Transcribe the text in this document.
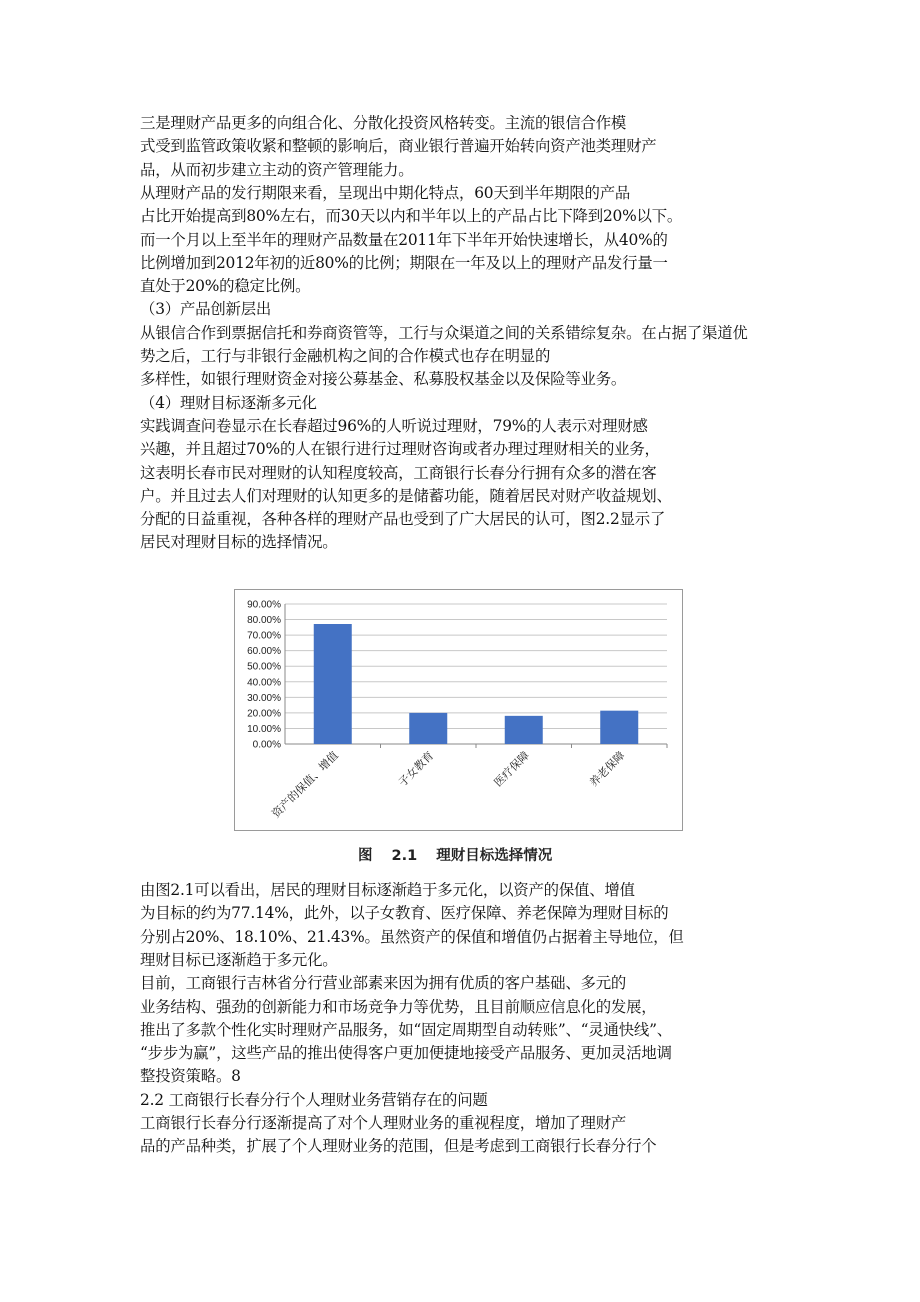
三是理财产品更多的向组合化、分散化投资风格转变。主流的银信合作模

式受到监管政策收紧和整顿的影响后，商业银行普遍开始转向资产池类理财产

品，从而初步建立主动的资产管理能力。

从理财产品的发行期限来看，呈现出中期化特点，60天到半年期限的产品

占比开始提高到80%左右，而30天以内和半年以上的产品占比下降到20%以下。

而一个月以上至半年的理财产品数量在2011年下半年开始快速增长，从40%的

比例增加到2012年初的近80%的比例；期限在一年及以上的理财产品发行量一

直处于20%的稳定比例。

（3）产品创新层出

从银信合作到票据信托和券商资管等，工行与众渠道之间的关系错综复杂。在占据了渠道优

势之后，工行与非银行金融机构之间的合作模式也存在明显的

多样性，如银行理财资金对接公募基金、私募股权基金以及保险等业务。

（4）理财目标逐渐多元化

实践调查问卷显示在长春超过96%的人听说过理财，79%的人表示对理财感

兴趣，并且超过70%的人在银行进行过理财咨询或者办理过理财相关的业务，

这表明长春市民对理财的认知程度较高，工商银行长春分行拥有众多的潜在客

户。并且过去人们对理财的认知更多的是储蓄功能，随着居民对财产收益规划、

分配的日益重视，各种各样的理财产品也受到了广大居民的认可，图2.2显示了

居民对理财目标的选择情况。

0.00%
10.00%
20.00%
30.00%
40.00%
50.00%
60.00%
70.00%
80.00%
90.00%
资产的保值、增值	子女教育	医疗保障	养老保障
图 2.1 理财目标选择情况

由图2.1可以看出，居民的理财目标逐渐趋于多元化，以资产的保值、增值

为目标的约为77.14%，此外，以子女教育、医疗保障、养老保障为理财目标的

分别占20%、18.10%、21.43%。虽然资产的保值和增值仍占据着主导地位，但

理财目标已逐渐趋于多元化。

目前，工商银行吉林省分行营业部素来因为拥有优质的客户基础、多元的

业务结构、强劲的创新能力和市场竞争力等优势，且目前顺应信息化的发展，

推出了多款个性化实时理财产品服务，如“固定周期型自动转账”、“灵通快线”、

“步步为赢”，这些产品的推出使得客户更加便捷地接受产品服务、更加灵活地调

整投资策略。8

2.2 工商银行长春分行个人理财业务营销存在的问题

工商银行长春分行逐渐提高了对个人理财业务的重视程度，增加了理财产

品的产品种类，扩展了个人理财业务的范围，但是考虑到工商银行长春分行个
